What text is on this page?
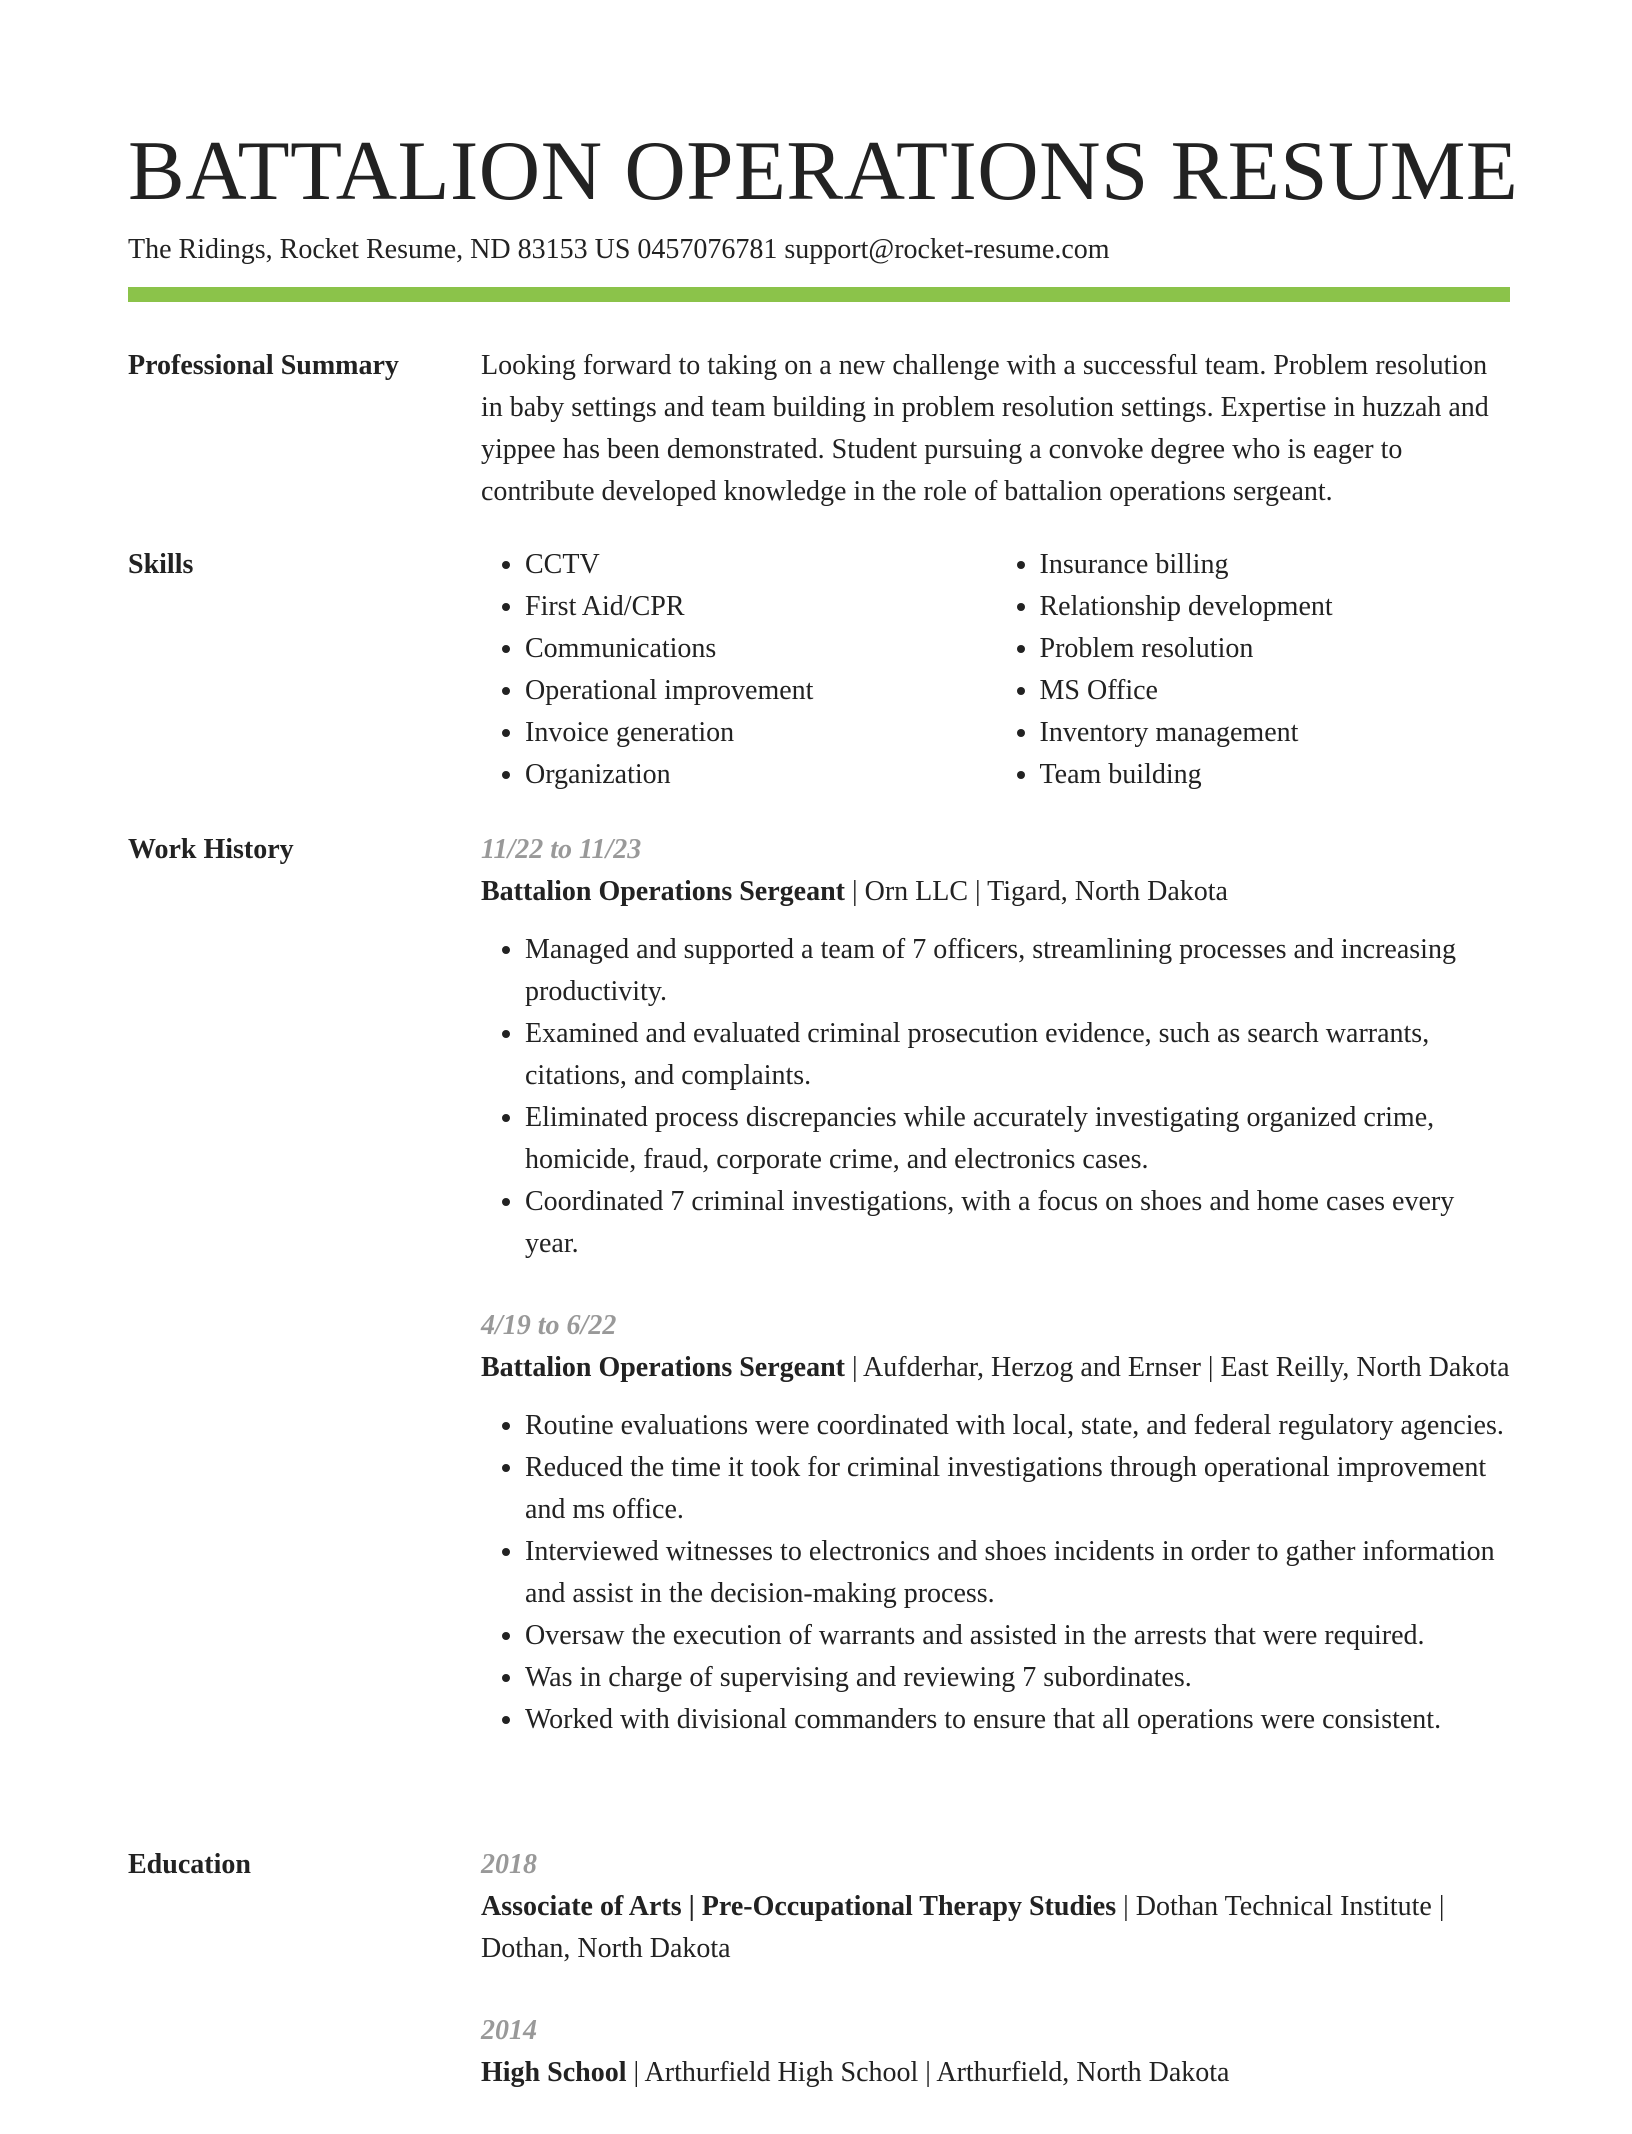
BATTALION OPERATIONS RESUME
The Ridings, Rocket Resume, ND 83153 US 0457076781 support@rocket-resume.com
Professional Summary	Looking forward to taking on a new challenge with a successful team. Problem resolution in baby settings and team building in problem resolution settings. Expertise in huzzah and yippee has been demonstrated. Student pursuing a convoke degree who is eager to contribute developed knowledge in the role of battalion operations sergeant.

Skills
•	CCTV
• First Aid/CPR
• Communications
• Operational improvement
• Invoice generation
• Organization
• Insurance billing
• Relationship development
• Problem resolution
• MS Office
• Inventory management
• Team building
Work History	11/22 to 11/23
Battalion Operations Sergeant | Orn LLC | Tigard, North Dakota
• Managed and supported a team of 7 officers, streamlining processes and increasing productivity.
• Examined and evaluated criminal prosecution evidence, such as search warrants, citations, and complaints.
• Eliminated process discrepancies while accurately investigating organized crime, homicide, fraud, corporate crime, and electronics cases.
• Coordinated 7 criminal investigations, with a focus on shoes and home cases every year.
4/19 to 6/22
Battalion Operations Sergeant | Aufderhar, Herzog and Ernser | East Reilly, North Dakota
• Routine evaluations were coordinated with local, state, and federal regulatory agencies.
• Reduced the time it took for criminal investigations through operational improvement and ms office.
• Interviewed witnesses to electronics and shoes incidents in order to gather information and assist in the decision-making process.
• Oversaw the execution of warrants and assisted in the arrests that were required.
• Was in charge of supervising and reviewing 7 subordinates.
• Worked with divisional commanders to ensure that all operations were consistent.
Education	2018
Associate of Arts | Pre-Occupational Therapy Studies | Dothan Technical Institute | Dothan, North Dakota
2014
High School | Arthurfield High School | Arthurfield, North Dakota
